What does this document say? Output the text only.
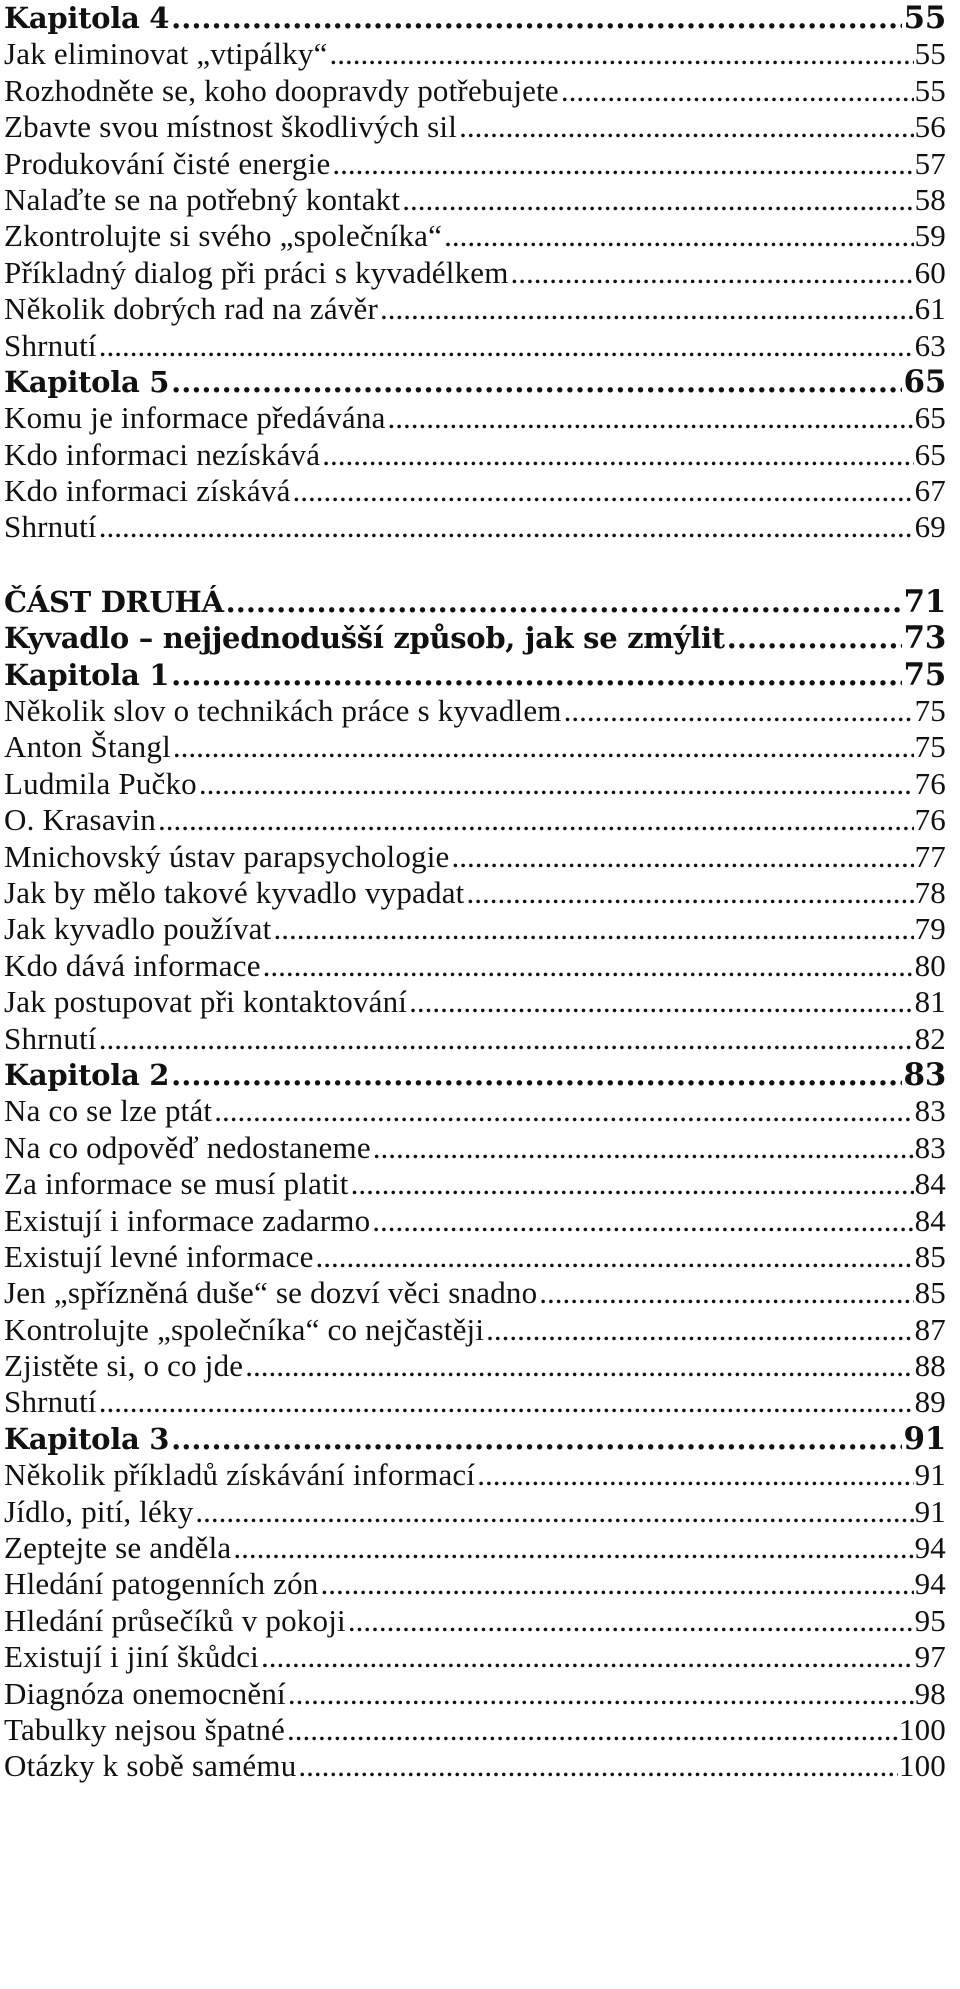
Kapitola 4 .....	55
Jak eliminovat „vtipálky“ .....	55
Rozhodněte se, koho doopravdy potřebujete .....	55
Zbavte svou místnost škodlivých sil .....	56
Produkování čisté energie .....	57
Nalaďte se na potřebný kontakt .....	58
Zkontrolujte si svého „společníka“ .....	59
Příkladný dialog při práci s kyvadélkem .....	60
Několik dobrých rad na závěr .....	61
Shrnutí .....	63
Kapitola 5 .....	65
Komu je informace předávána .....	65
Kdo informaci nezískává .....	65
Kdo informaci získává .....	67
Shrnutí .....	69
ČÁST DRUHÁ .....	71
Kyvadlo – nejjednodušší způsob, jak se zmýlit .....	73
Kapitola 1 .....	75
Několik slov o technikách práce s kyvadlem .....	75
Anton Štangl .....	75
Ludmila Pučko .....	76
O. Krasavin .....	76
Mnichovský ústav parapsychologie .....	77
Jak by mělo takové kyvadlo vypadat .....	78
Jak kyvadlo používat .....	79
Kdo dává informace .....	80
Jak postupovat při kontaktování .....	81
Shrnutí .....	82
Kapitola 2 .....	83
Na co se lze ptát .....	83
Na co odpověď nedostaneme .....	83
Za informace se musí platit .....	84
Existují i informace zadarmo .....	84
Existují levné informace .....	85
Jen „spřízněná duše“ se dozví věci snadno .....	85
Kontrolujte „společníka“ co nejčastěji .....	87
Zjistěte si, o co jde .....	88
Shrnutí .....	89
Kapitola 3 .....	91
Několik příkladů získávání informací .....	91
Jídlo, pití, léky .....	91
Zeptejte se anděla .....	94
Hledání patogenních zón .....	94
Hledání průsečíků v pokoji .....	95
Existují i jiní škůdci .....	97
Diagnóza onemocnění .....	98
Tabulky nejsou špatné .....	100
Otázky k sobě samému .....	100
